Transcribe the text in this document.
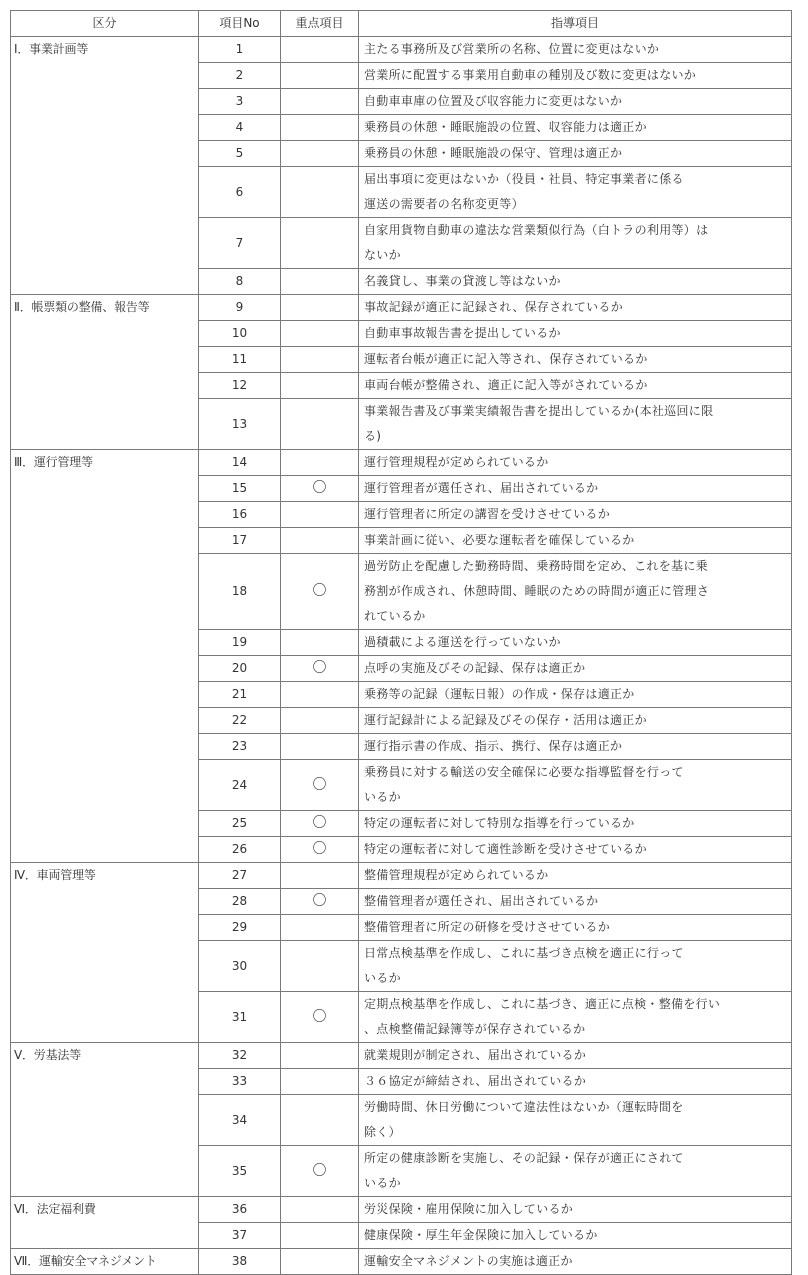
区分	項目No	重点項目	指導項目
Ⅰ．事業計画等	1		主たる事務所及び営業所の名称、位置に変更はないか

	2		営業所に配置する事業用自動車の種別及び数に変更はないか

	3		自動車車庫の位置及び収容能力に変更はないか

	4		乗務員の休憩・睡眠施設の位置、収容能力は適正か

	5		乗務員の休憩・睡眠施設の保守、管理は適正か

	6		届出事項に変更はないか（役員・社員、特定事業者に係る
運送の需要者の名称変更等）

	7		自家用貨物自動車の違法な営業類似行為（白トラの利用等）は
ないか

	8		名義貸し、事業の貸渡し等はないか

Ⅱ．帳票類の整備、報告等	9		事故記録が適正に記録され、保存されているか

	10		自動車事故報告書を提出しているか

	11		運転者台帳が適正に記入等され、保存されているか

	12		車両台帳が整備され、適正に記入等がされているか

	13		事業報告書及び事業実績報告書を提出しているか(本社巡回に限
る)

Ⅲ．運行管理等	14		運行管理規程が定められているか

	15	〇	運行管理者が選任され、届出されているか

	16		運行管理者に所定の講習を受けさせているか

	17		事業計画に従い、必要な運転者を確保しているか

	18	〇	過労防止を配慮した勤務時間、乗務時間を定め、これを基に乗
務割が作成され、休憩時間、睡眠のための時間が適正に管理さ
れているか

	19		過積載による運送を行っていないか

	20	〇	点呼の実施及びその記録、保存は適正か

	21		乗務等の記録（運転日報）の作成・保存は適正か

	22		運行記録計による記録及びその保存・活用は適正か

	23		運行指示書の作成、指示、携行、保存は適正か

	24	〇	乗務員に対する輸送の安全確保に必要な指導監督を行って
いるか

	25	〇	特定の運転者に対して特別な指導を行っているか

	26	〇	特定の運転者に対して適性診断を受けさせているか

Ⅳ．車両管理等	27		整備管理規程が定められているか

	28	〇	整備管理者が選任され、届出されているか

	29		整備管理者に所定の研修を受けさせているか

	30		日常点検基準を作成し、これに基づき点検を適正に行って
いるか

	31	〇	定期点検基準を作成し、これに基づき、適正に点検・整備を行い
、点検整備記録簿等が保存されているか

Ⅴ．労基法等	32		就業規則が制定され、届出されているか

	33		３６協定が締結され、届出されているか

	34		労働時間、休日労働について違法性はないか（運転時間を
除く）

	35	〇	所定の健康診断を実施し、その記録・保存が適正にされて
いるか

Ⅵ．法定福利費	36		労災保険・雇用保険に加入しているか

	37		健康保険・厚生年金保険に加入しているか

Ⅶ．運輸安全マネジメント	38		運輸安全マネジメントの実施は適正か
